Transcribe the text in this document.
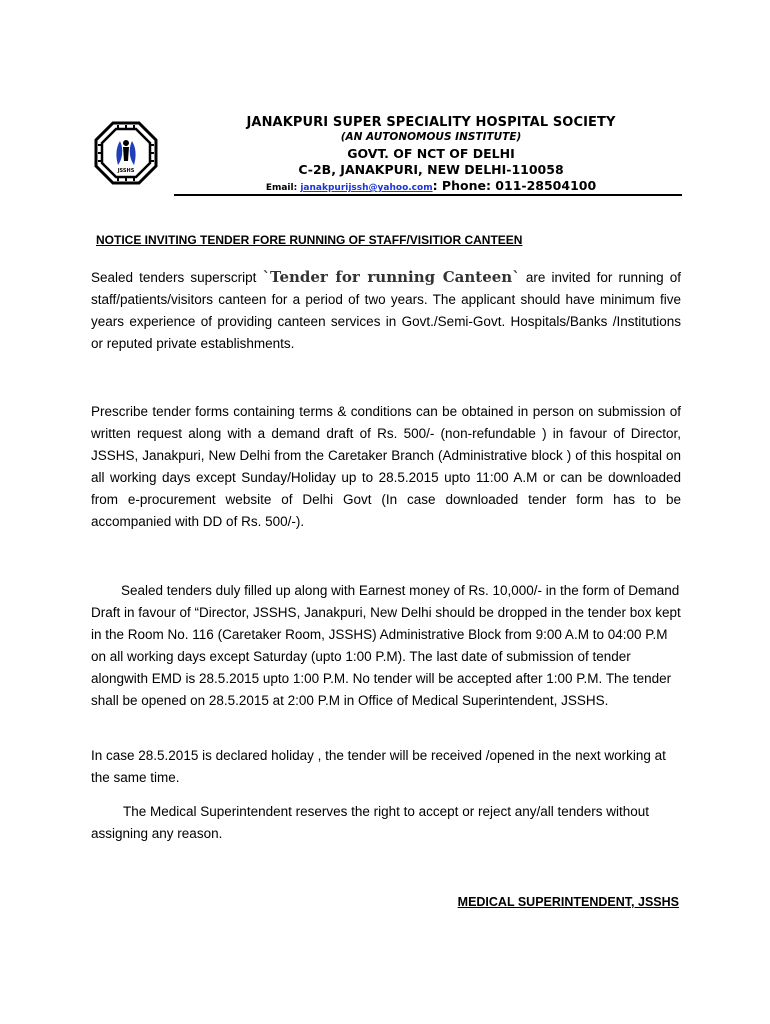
JSSHS
JANAKPURI SUPER SPECIALITY HOSPITAL SOCIETY
(AN AUTONOMOUS INSTITUTE)
GOVT. OF NCT OF DELHI
C-2B, JANAKPURI, NEW DELHI-110058
Email: janakpurijssh@yahoo.com: Phone: 011-28504100
NOTICE INVITING TENDER FORE RUNNING OF STAFF/VISITIOR CANTEEN
Sealed tenders superscript `Tender for running Canteen` are invited for running of staff/patients/visitors canteen for a period of two years. The applicant should have minimum five years experience of providing canteen services in Govt./Semi-Govt. Hospitals/Banks /Institutions or reputed private establishments.
Prescribe tender forms containing terms & conditions can be obtained in person on submission of written request along with a demand draft of Rs. 500/- (non-refundable ) in favour of Director, JSSHS, Janakpuri, New Delhi from the Caretaker Branch (Administrative block ) of this hospital on all working days except Sunday/Holiday up to 28.5.2015 upto 11:00 A.M or can be downloaded from e-procurement website of Delhi Govt (In case downloaded tender form has to be accompanied with DD of Rs. 500/-).
Sealed tenders duly filled up along with Earnest money of Rs. 10,000/- in the form of Demand Draft in favour of “Director, JSSHS, Janakpuri, New Delhi should be dropped in the tender box kept in the Room No. 116 (Caretaker Room, JSSHS) Administrative Block from 9:00 A.M to 04:00 P.M on all working days except Saturday (upto 1:00 P.M). The last date of submission of tender alongwith EMD is 28.5.2015 upto 1:00 P.M. No tender will be accepted after 1:00 P.M. The tender shall be opened on 28.5.2015 at 2:00 P.M in Office of Medical Superintendent, JSSHS.
In case 28.5.2015 is declared holiday , the tender will be received /opened in the next working at the same time.
The Medical Superintendent reserves the right to accept or reject any/all tenders without assigning any reason.
MEDICAL SUPERINTENDENT, JSSHS
